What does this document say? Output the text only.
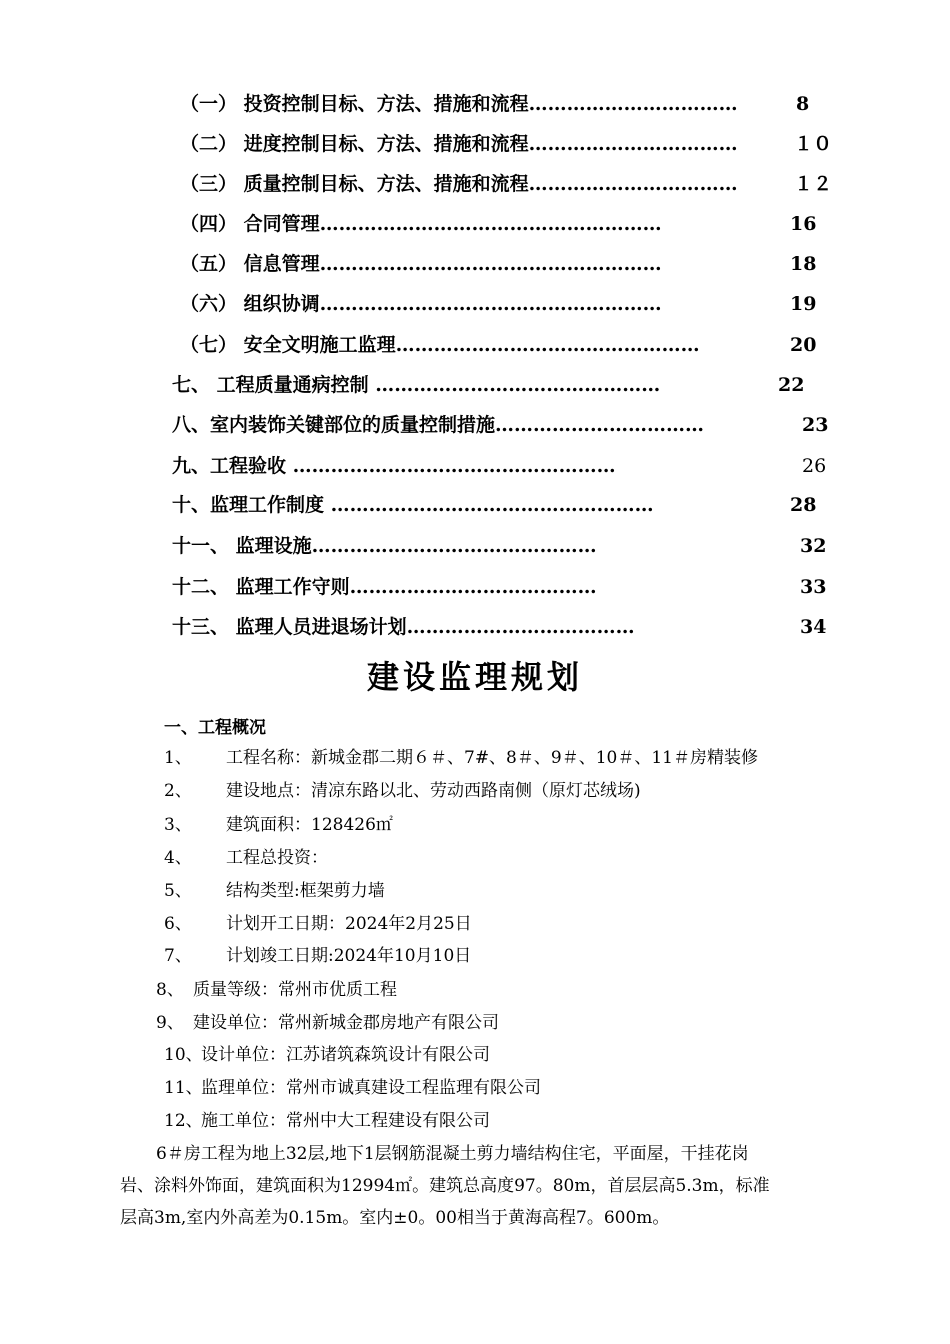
（一） 投资控制目标、方法、措施和流程……………………………	8
（二） 进度控制目标、方法、措施和流程……………………………	１０
（三） 质量控制目标、方法、措施和流程……………………………	１２
（四） 合同管理………………………………………………	16
（五） 信息管理………………………………………………	18
（六） 组织协调………………………………………………	19
（七） 安全文明施工监理…………………………………………	20
七、 工程质量通病控制 ………………………………………	22
八、室内装饰关键部位的质量控制措施……………………………	23
九、工程验收 ……………………………………………	26
十、监理工作制度 ……………………………………………	28
十一、 监理设施………………………………………	32
十二、 监理工作守则…………………………………	33
十三、 监理人员进退场计划………………………………	34
建设监理规划
一、工程概况
1、 工程名称：新城金郡二期６＃、7#、8＃、9＃、10＃、11＃房精装修
2、 建设地点：清凉东路以北、劳动西路南侧（原灯芯绒场)
3、 建筑面积：128426㎡
4、 工程总投资：
5、 结构类型:框架剪力墙
6、 计划开工日期：2024年2月25日
7、 计划竣工日期:2024年10月10日
8、 质量等级：常州市优质工程
9、 建设单位：常州新城金郡房地产有限公司
10、
设计单位：江苏诸筑森筑设计有限公司
11、
监理单位：常州市诚真建设工程监理有限公司
12、
施工单位：常州中大工程建设有限公司
6＃房工程为地上32层,地下1层钢筋混凝土剪力墙结构住宅，平面屋，干挂花岗
岩、涂料外饰面，建筑面积为12994㎡。建筑总高度97。80m，首层层高5.3m，标准
层高3m,室内外高差为0.15m。室内±0。00相当于黄海高程7。600m。
